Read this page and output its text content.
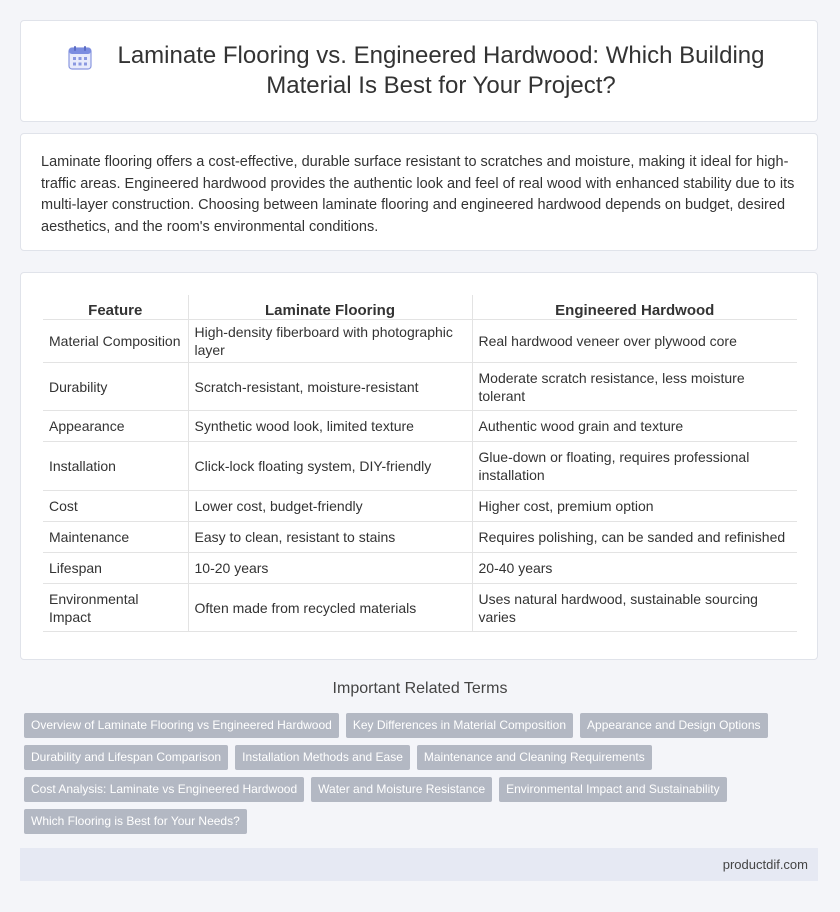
Laminate Flooring vs. Engineered Hardwood: Which Building Material Is Best for Your Project?

Laminate flooring offers a cost-effective, durable surface resistant to scratches and moisture, making it ideal for high-traffic areas. Engineered hardwood provides the authentic look and feel of real wood with enhanced stability due to its multi-layer construction. Choosing between laminate flooring and engineered hardwood depends on budget, desired aesthetics, and the room's environmental conditions.

Feature	Laminate Flooring	Engineered Hardwood
Material Composition	High-density fiberboard with photographic layer	Real hardwood veneer over plywood core
Durability	Scratch-resistant, moisture-resistant	Moderate scratch resistance, less moisture tolerant
Appearance	Synthetic wood look, limited texture	Authentic wood grain and texture
Installation	Click-lock floating system, DIY-friendly	Glue-down or floating, requires professional installation
Cost	Lower cost, budget-friendly	Higher cost, premium option
Maintenance	Easy to clean, resistant to stains	Requires polishing, can be sanded and refinished
Lifespan	10-20 years	20-40 years
Environmental Impact	Often made from recycled materials	Uses natural hardwood, sustainable sourcing varies
Important Related Terms
Overview of Laminate Flooring vs Engineered Hardwood	Key Differences in Material Composition	Appearance and Design Options
Durability and Lifespan Comparison	Installation Methods and Ease	Maintenance and Cleaning Requirements
Cost Analysis: Laminate vs Engineered Hardwood	Water and Moisture Resistance	Environmental Impact and Sustainability
Which Flooring is Best for Your Needs?
productdif.com
